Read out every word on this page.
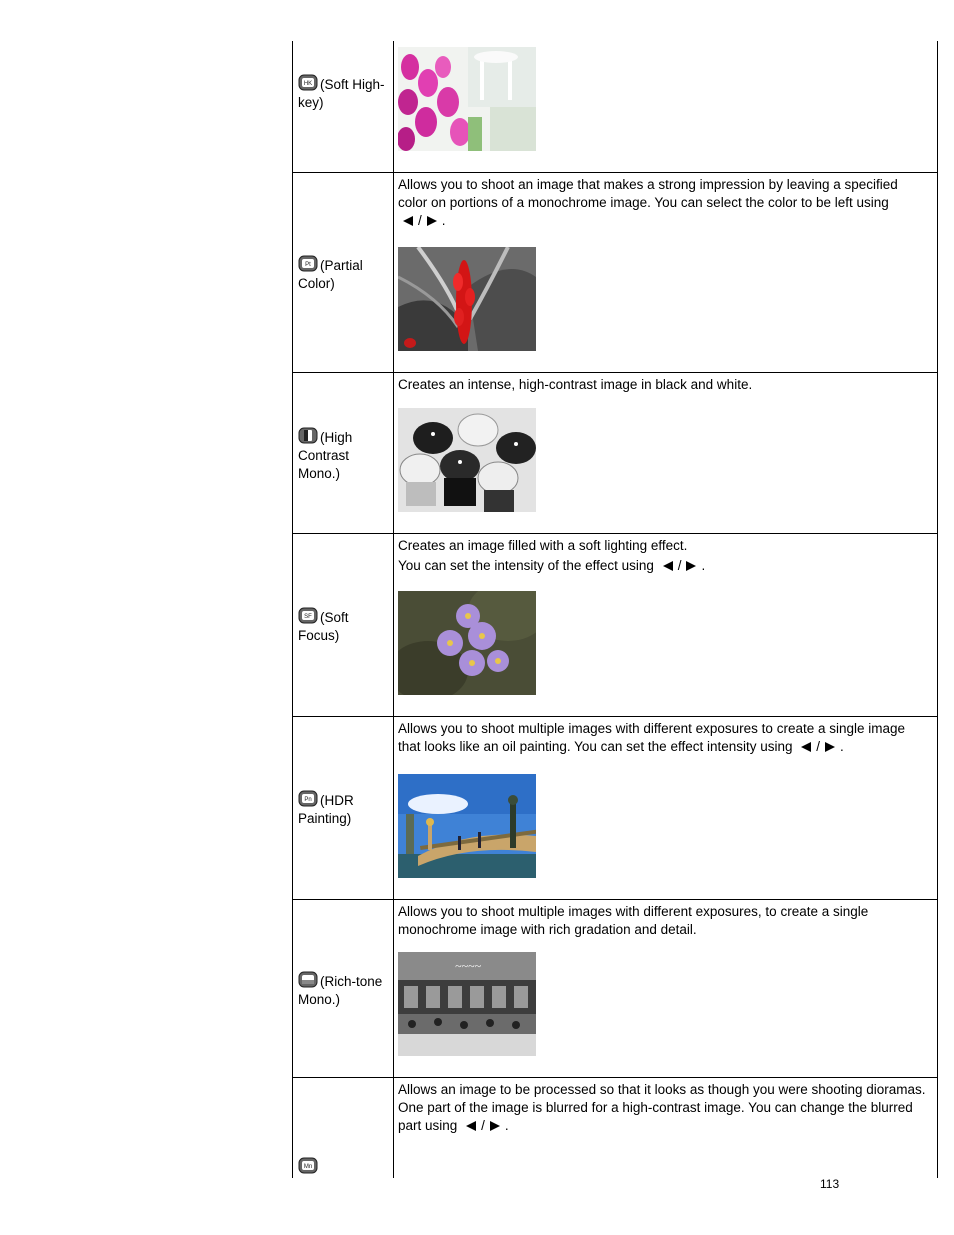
HK (Soft High-key)

Allows you to shoot an image that makes a strong impression by leaving a specified color on portions of a monochrome image. You can select the color to be left using

/ .

Pt (Partial Color)

Creates an intense, high-contrast image in black and white.

(High Contrast Mono.)

Creates an image filled with a soft lighting effect.

You can set the intensity of the effect using / .

SF (Soft Focus)

Allows you to shoot multiple images with different exposures to create a single image that looks like an oil painting. You can set the effect intensity using / .

Pn (HDR Painting)

Allows you to shoot multiple images with different exposures, to create a single monochrome image with rich gradation and detail.

(Rich-tone Mono.)
~~~~

Allows an image to be processed so that it looks as though you were shooting dioramas. One part of the image is blurred for a high-contrast image. You can change the blurred part using / .

Mn
113
